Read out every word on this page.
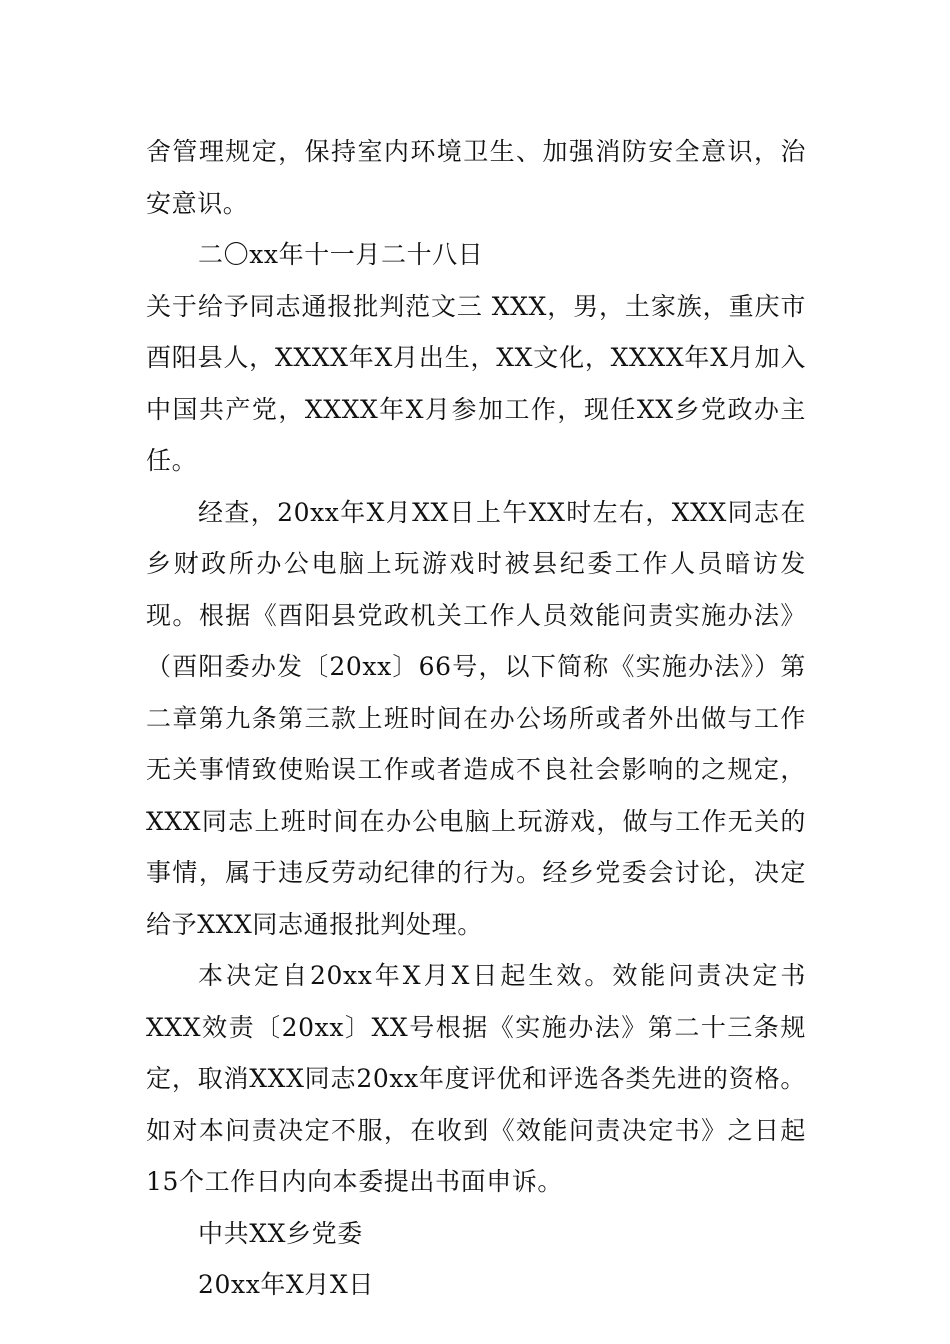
舍管理规定，保持室内环境卫生、加强消防安全意识，治安意识。

二〇xx年十一月二十八日

关于给予同志通报批判范文三 XXX，男，土家族，重庆市酉阳县人，XXXX年X月出生，XX文化，XXXX年X月加入中国共产党，XXXX年X月参加工作，现任XX乡党政办主任。

经查，20xx年X月XX日上午XX时左右，XXX同志在乡财政所办公电脑上玩游戏时被县纪委工作人员暗访发现。根据《酉阳县党政机关工作人员效能问责实施办法》（酉阳委办发〔20xx〕66号，以下简称《实施办法》）第二章第九条第三款上班时间在办公场所或者外出做与工作无关事情致使贻误工作或者造成不良社会影响的之规定，XXX同志上班时间在办公电脑上玩游戏，做与工作无关的事情，属于违反劳动纪律的行为。经乡党委会讨论，决定给予XXX同志通报批判处理。

本决定自20xx年X月X日起生效。效能问责决定书XXX效责〔20xx〕XX号根据《实施办法》第二十三条规定，取消XXX同志20xx年度评优和评选各类先进的资格。如对本问责决定不服，在收到《效能问责决定书》之日起15个工作日内向本委提出书面申诉。

中共XX乡党委

20xx年X月X日
